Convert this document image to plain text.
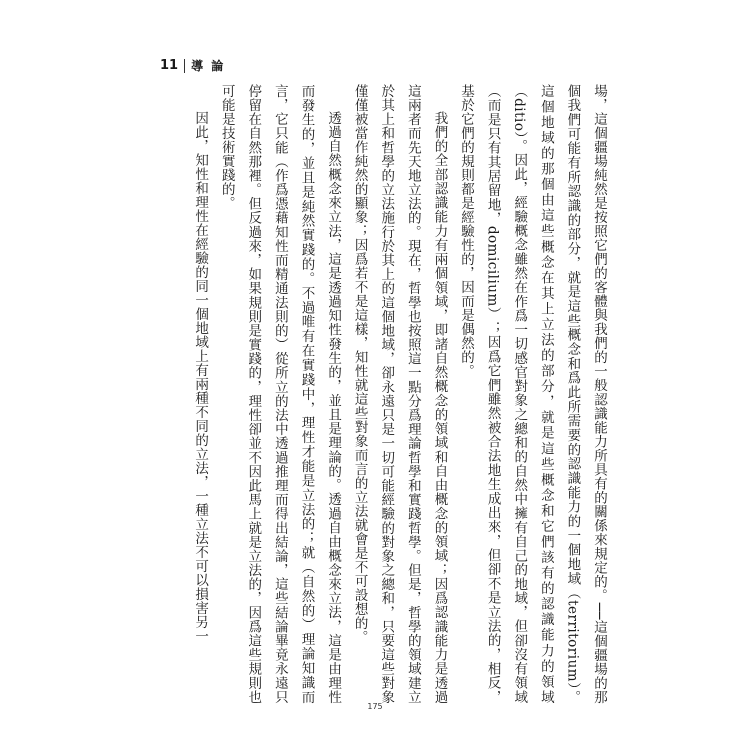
11 導 論

場，這個疆場純然是按照它們的客體與我們的一般認識能力所具有的關係來規定的。──這個疆場的那個我們可能有所認識的部分，就是這些概念和爲此所需要的認識能力的一個地域（territorium）。這個地域的那個由這些概念在其上立法的部分，就是這些概念和它們該有的認識能力的領域（ditio）。因此，經驗概念雖然在作爲一切感官對象之總和的自然中擁有自己的地域，但卻沒有領域（而是只有其居留地，domicilium）；因爲它們雖然被合法地生成出來，但卻不是立法的，相反，基於它們的規則都是經驗性的，因而是偶然的。

我們的全部認識能力有兩個領域，即諸自然概念的領域和自由概念的領域；因爲認識能力是透過這兩者而先天地立法的。現在，哲學也按照這一點分爲理論哲學和實踐哲學。但是，哲學的領域建立於其上和哲學的立法施行於其上的這個地域，卻永遠只是一切可能經驗的對象之總和，只要這些對象僅僅被當作純然的顯象；因爲若不是這樣，知性就這些對象而言的立法就會是不可設想的。

透過自然概念來立法，這是透過知性發生的，並且是理論的。透過自由概念來立法，這是由理性而發生的，並且是純然實踐的。不過唯有在實踐中，理性才能是立法的；就（自然的）理論知識而言，它只能（作爲憑藉知性而精通法則的）從所立的法中透過推理而得出結論，這些結論畢竟永遠只停留在自然那裡。但反過來，如果規則是實踐的，理性卻並不因此馬上就是立法的，因爲這些規則也可能是技術實踐的。

因此，知性和理性在經驗的同一個地域上有兩種不同的立法，一種立法不可以損害另一

175
